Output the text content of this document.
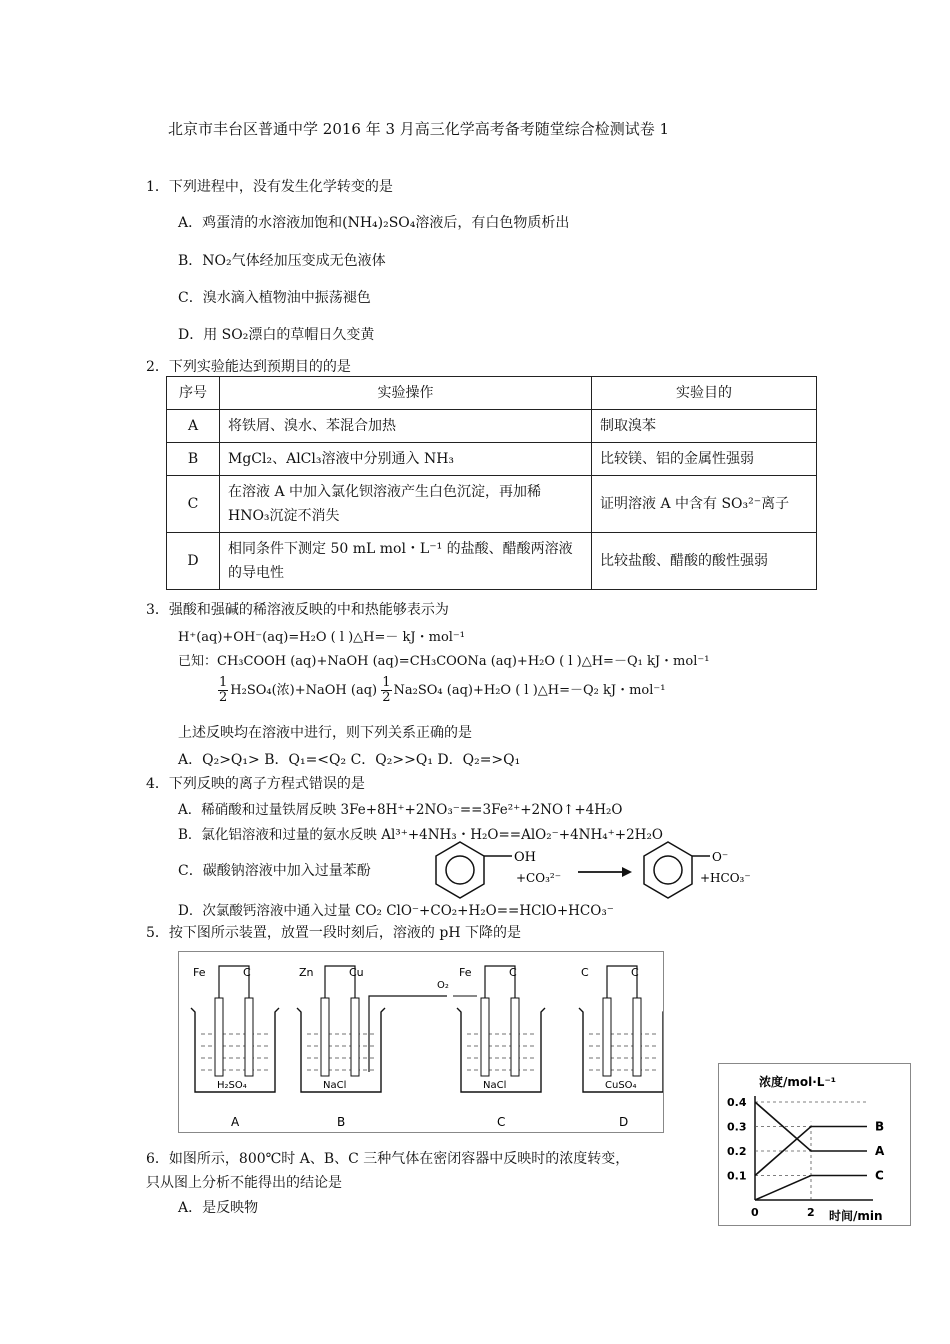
北京市丰台区普通中学 2016 年 3 月高三化学高考备考随堂综合检测试卷 1
1．下列进程中，没有发生化学转变的是
A．鸡蛋清的水溶液加饱和(NH₄)₂SO₄溶液后，有白色物质析出
B．NO₂气体经加压变成无色液体
C．溴水滴入植物油中振荡褪色
D．用 SO₂漂白的草帽日久变黄
2．下列实验能达到预期目的的是
序号	实验操作	实验目的
A	将铁屑、溴水、苯混合加热	制取溴苯
B	MgCl₂、AlCl₃溶液中分别通入 NH₃	比较镁、铝的金属性强弱
C	在溶液 A 中加入氯化钡溶液产生白色沉淀，再加稀 HNO₃沉淀不消失	证明溶液 A 中含有 SO₃²⁻离子
D	相同条件下测定 50 mL mol・L⁻¹ 的盐酸、醋酸两溶液的导电性	比较盐酸、醋酸的酸性强弱
3．强酸和强碱的稀溶液反映的中和热能够表示为
H⁺(aq)+OH⁻(aq)=H₂O ( l )△H=－ kJ・mol⁻¹
已知：CH₃COOH (aq)+NaOH (aq)=CH₃COONa (aq)+H₂O ( l )△H=－Q₁ kJ・mol⁻¹
$\frac{1}{2} H_2SO_4$(浓)+NaOH $(aq) \frac{1}{2} Na_2SO_4$ (aq)+H₂O ( l )△H=－Q₂ kJ・mol⁻¹
上述反映均在溶液中进行，则下列关系正确的是
A．Q₂>Q₁> B．Q₁=<Q₂ C．Q₂>>Q₁ D．Q₂=>Q₁
4．下列反映的离子方程式错误的是
A．稀硝酸和过量铁屑反映 3Fe+8H⁺+2NO₃⁻==3Fe²⁺+2NO↑+4H₂O
B．氯化铝溶液和过量的氨水反映 Al³⁺+4NH₃・H₂O==AlO₂⁻+4NH₄⁺+2H₂O
C．碳酸钠溶液中加入过量苯酚
OH
+CO₃²⁻
O⁻
+HCO₃⁻
D．次氯酸钙溶液中通入过量 CO₂ ClO⁻+CO₂+H₂O==HClO+HCO₃⁻
5．按下图所示装置，放置一段时刻后，溶液的 pH 下降的是
Fe	C
H₂SO₄
A
Zn	Cu
NaCl
B
O₂
Fe	C
NaCl
C
C	C
CuSO₄
D
浓度/mol·L⁻¹
时间/min
0.4
0.3
0.2
0.1
0	2
B
A
C
6．如图所示，800℃时 A、B、C 三种气体在密闭容器中反映时的浓度转变，
只从图上分析不能得出的结论是
A．是反映物
